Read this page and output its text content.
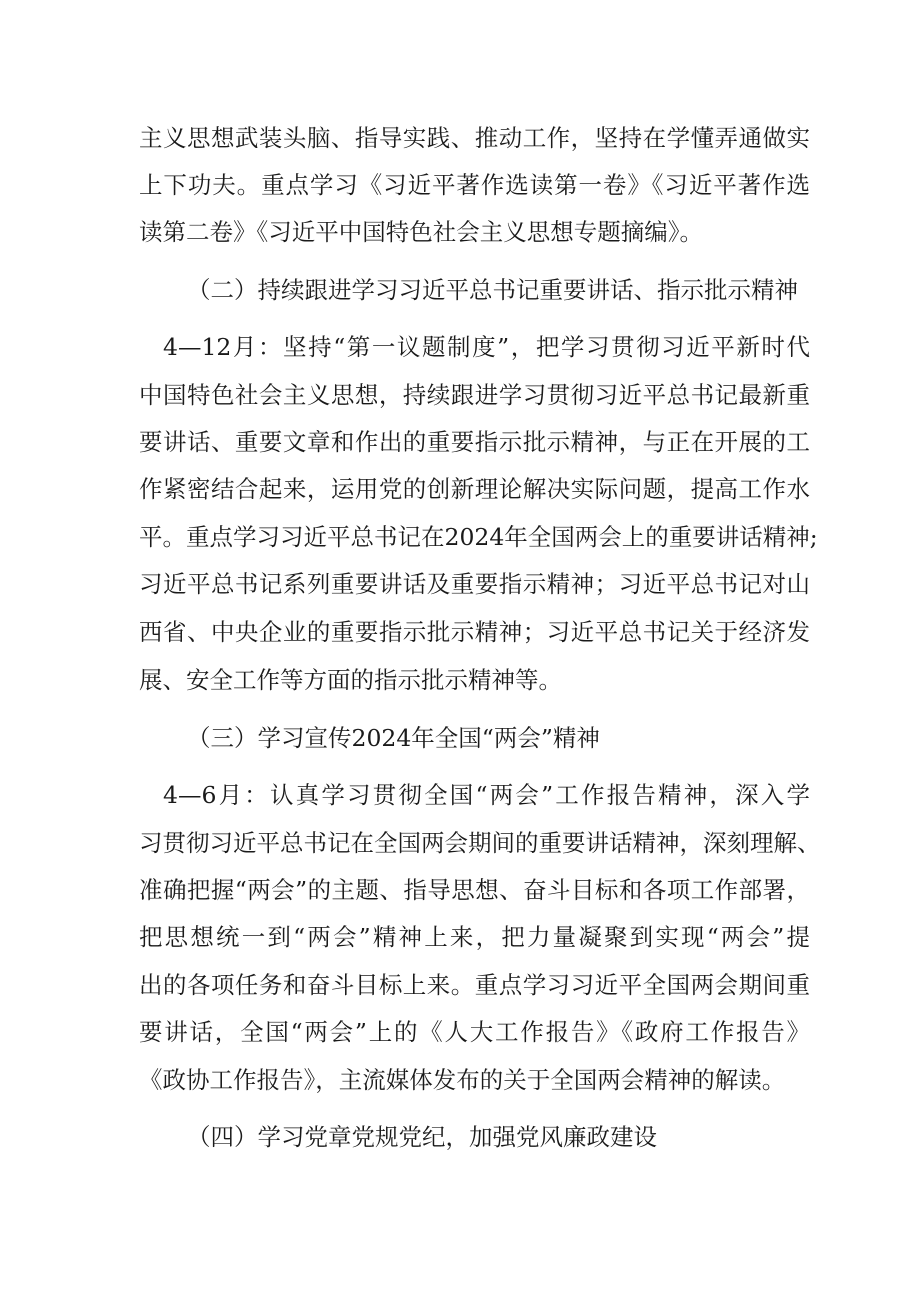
主义思想武装头脑、指导实践、推动工作，坚持在学懂弄通做实
上下功夫。重点学习《习近平著作选读第一卷》《习近平著作选
读第二卷》《习近平中国特色社会主义思想专题摘编》。
（二）持续跟进学习习近平总书记重要讲话、指示批示精神
4—12月：坚持“第一议题制度”，把学习贯彻习近平新时代
中国特色社会主义思想，持续跟进学习贯彻习近平总书记最新重
要讲话、重要文章和作出的重要指示批示精神，与正在开展的工
作紧密结合起来，运用党的创新理论解决实际问题，提高工作水
平。重点学习习近平总书记在2024年全国两会上的重要讲话精神;
习近平总书记系列重要讲话及重要指示精神；习近平总书记对山
西省、中央企业的重要指示批示精神；习近平总书记关于经济发
展、安全工作等方面的指示批示精神等。
（三）学习宣传2024年全国“两会”精神
4—6月：认真学习贯彻全国“两会”工作报告精神，深入学
习贯彻习近平总书记在全国两会期间的重要讲话精神，深刻理解、
准确把握“两会”的主题、指导思想、奋斗目标和各项工作部署，
把思想统一到“两会”精神上来，把力量凝聚到实现“两会”提
出的各项任务和奋斗目标上来。重点学习习近平全国两会期间重
要讲话，全国“两会”上的《人大工作报告》《政府工作报告》
《政协工作报告》，主流媒体发布的关于全国两会精神的解读。
（四）学习党章党规党纪，加强党风廉政建设
